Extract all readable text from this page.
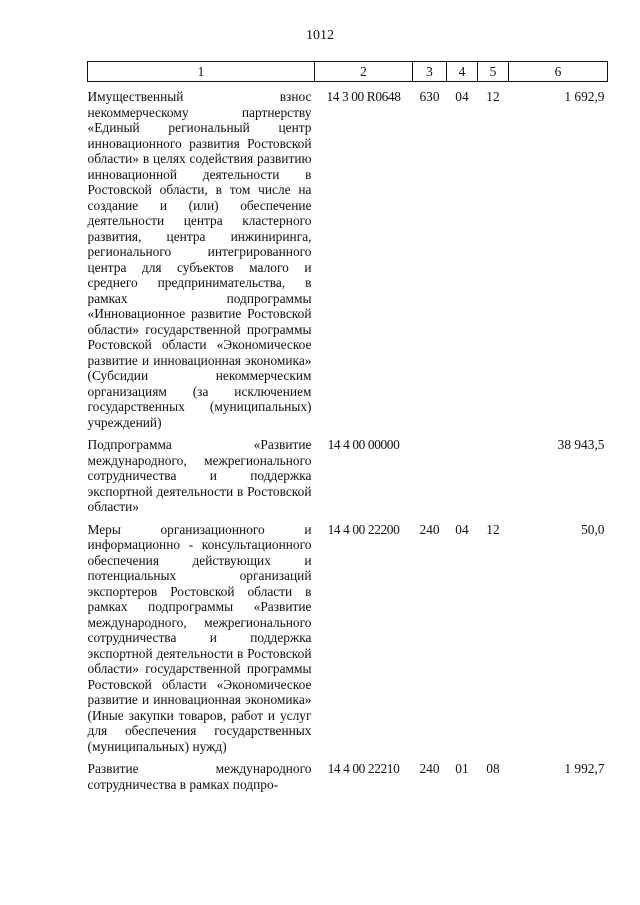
1012
1	2	3	4	5	6
Имущественный взнос некоммерческому партнерству «Единый региональный центр инновационного развития Ростовской области» в целях содействия развитию инновационной деятельности в Ростовской области, в том числе на создание и (или) обеспечение деятельности центра кластерного развития, центра инжиниринга, регионального интегрированного центра для субъектов малого и среднего предпринимательства, в рамках подпрограммы «Инновационное развитие Ростовской области» государственной программы Ростовской области «Экономическое развитие и инновационная экономика» (Субсидии некоммерческим организациям (за исключением государственных (муниципальных) учреждений)	14 3 00 R0648	630	04	12	1 692,9
Подпрограмма «Развитие международного, межрегионального сотрудничества и поддержка экспортной деятельности в Ростовской области»	14 4 00 00000				38 943,5
Меры организационного и информационно - консультационного обеспечения действующих и потенциальных организаций экспортеров Ростовской области в рамках подпрограммы «Развитие международного, межрегионального сотрудничества и поддержка экспортной деятельности в Ростовской области» государственной программы Ростовской области «Экономическое развитие и инновационная экономика» (Иные закупки товаров, работ и услуг для обеспечения государственных (муниципальных) нужд)	14 4 00 22200	240	04	12	50,0

Развитие международного сотрудничества в рамках подпро-	14 4 00 22210	240	01	08	1 992,7
